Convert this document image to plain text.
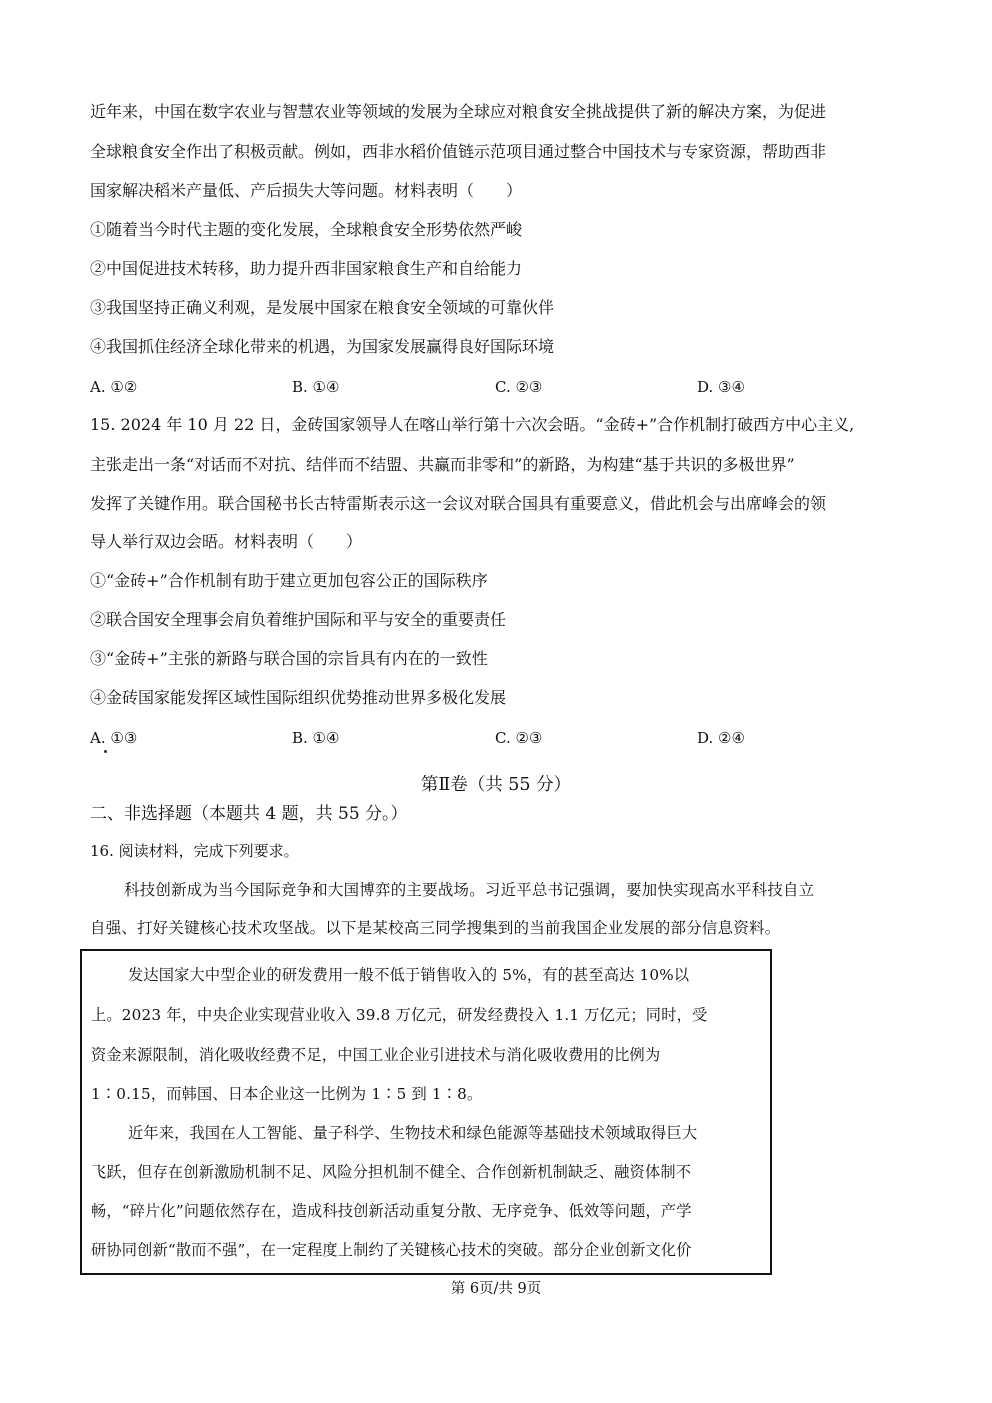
近年来，中国在数字农业与智慧农业等领域的发展为全球应对粮食安全挑战提供了新的解决方案，为促进
全球粮食安全作出了积极贡献。例如，西非水稻价值链示范项目通过整合中国技术与专家资源，帮助西非
国家解决稻米产量低、产后损失大等问题。材料表明（　　）
①随着当今时代主题的变化发展，全球粮食安全形势依然严峻
②中国促进技术转移，助力提升西非国家粮食生产和自给能力
③我国坚持正确义利观，是发展中国家在粮食安全领域的可靠伙伴
④我国抓住经济全球化带来的机遇，为国家发展赢得良好国际环境
A. ①②	B. ①④	C. ②③	D. ③④
15. 2024 年 10 月 22 日，金砖国家领导人在喀山举行第十六次会晤。“金砖+”合作机制打破西方中心主义,
主张走出一条“对话而不对抗、结伴而不结盟、共赢而非零和”的新路，为构建“基于共识的多极世界”
发挥了关键作用。联合国秘书长古特雷斯表示这一会议对联合国具有重要意义，借此机会与出席峰会的领
导人举行双边会晤。材料表明（　　）
①“金砖+”合作机制有助于建立更加包容公正的国际秩序
②联合国安全理事会肩负着维护国际和平与安全的重要责任
③“金砖+”主张的新路与联合国的宗旨具有内在的一致性
④金砖国家能发挥区域性国际组织优势推动世界多极化发展
A. ①③	B. ①④	C. ②③	D. ②④
第Ⅱ卷（共 55 分）
二、非选择题（本题共 4 题，共 55 分。）
16. 阅读材料，完成下列要求。
科技创新成为当今国际竞争和大国博弈的主要战场。习近平总书记强调，要加快实现高水平科技自立
自强、打好关键核心技术攻坚战。以下是某校高三同学搜集到的当前我国企业发展的部分信息资料。
发达国家大中型企业的研发费用一般不低于销售收入的 5%，有的甚至高达 10%以
上。2023 年，中央企业实现营业收入 39.8 万亿元，研发经费投入 1.1 万亿元；同时，受
资金来源限制，消化吸收经费不足，中国工业企业引进技术与消化吸收费用的比例为
1∶0.15，而韩国、日本企业这一比例为 1∶5 到 1∶8。
近年来，我国在人工智能、量子科学、生物技术和绿色能源等基础技术领域取得巨大
飞跃，但存在创新激励机制不足、风险分担机制不健全、合作创新机制缺乏、融资体制不
畅，“碎片化”问题依然存在，造成科技创新活动重复分散、无序竞争、低效等问题，产学
研协同创新“散而不强”，在一定程度上制约了关键核心技术的突破。部分企业创新文化价
第 6页/共 9页
